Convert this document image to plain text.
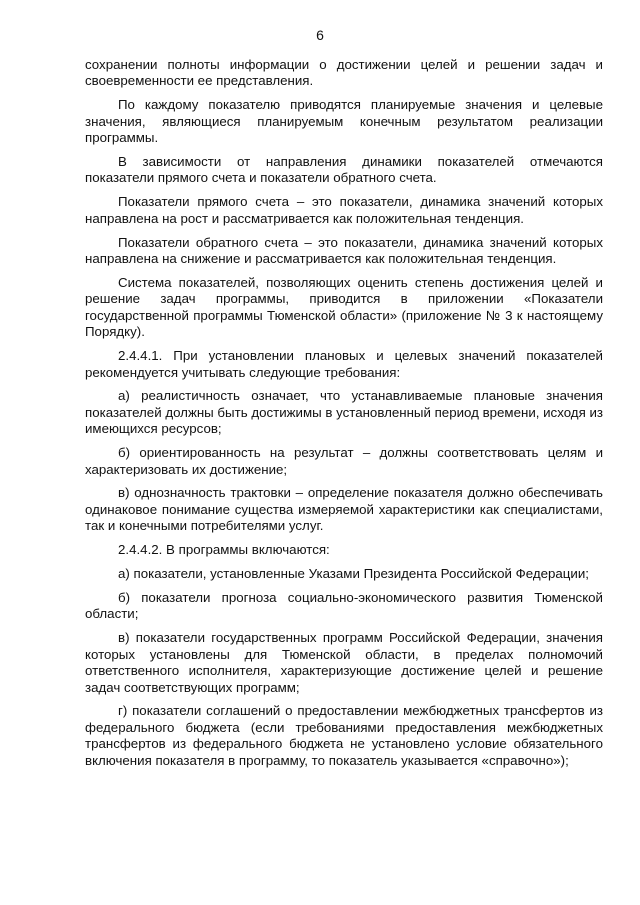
6

сохранении полноты информации о достижении целей и решении задач и своевременности ее представления.

По каждому показателю приводятся планируемые значения и целевые значения, являющиеся планируемым конечным результатом реализации программы.

В зависимости от направления динамики показателей отмечаются показатели прямого счета и показатели обратного счета.

Показатели прямого счета – это показатели, динамика значений которых направлена на рост и рассматривается как положительная тенденция.

Показатели обратного счета – это показатели, динамика значений которых направлена на снижение и рассматривается как положительная тенденция.

Система показателей, позволяющих оценить степень достижения целей и решение задач программы, приводится в приложении «Показатели государственной программы Тюменской области» (приложение № 3 к настоящему Порядку).

2.4.4.1. При установлении плановых и целевых значений показателей рекомендуется учитывать следующие требования:

а) реалистичность означает, что устанавливаемые плановые значения показателей должны быть достижимы в установленный период времени, исходя из имеющихся ресурсов;

б) ориентированность на результат – должны соответствовать целям и характеризовать их достижение;

в) однозначность трактовки – определение показателя должно обеспечивать одинаковое понимание существа измеряемой характеристики как специалистами, так и конечными потребителями услуг.

2.4.4.2. В программы включаются:

а) показатели, установленные Указами Президента Российской Федерации;

б) показатели прогноза социально-экономического развития Тюменской области;

в) показатели государственных программ Российской Федерации, значения которых установлены для Тюменской области, в пределах полномочий ответственного исполнителя, характеризующие достижение целей и решение задач соответствующих программ;

г) показатели соглашений о предоставлении межбюджетных трансфертов из федерального бюджета (если требованиями предоставления межбюджетных трансфертов из федерального бюджета не установлено условие обязательного включения показателя в программу, то показатель указывается «справочно»);
